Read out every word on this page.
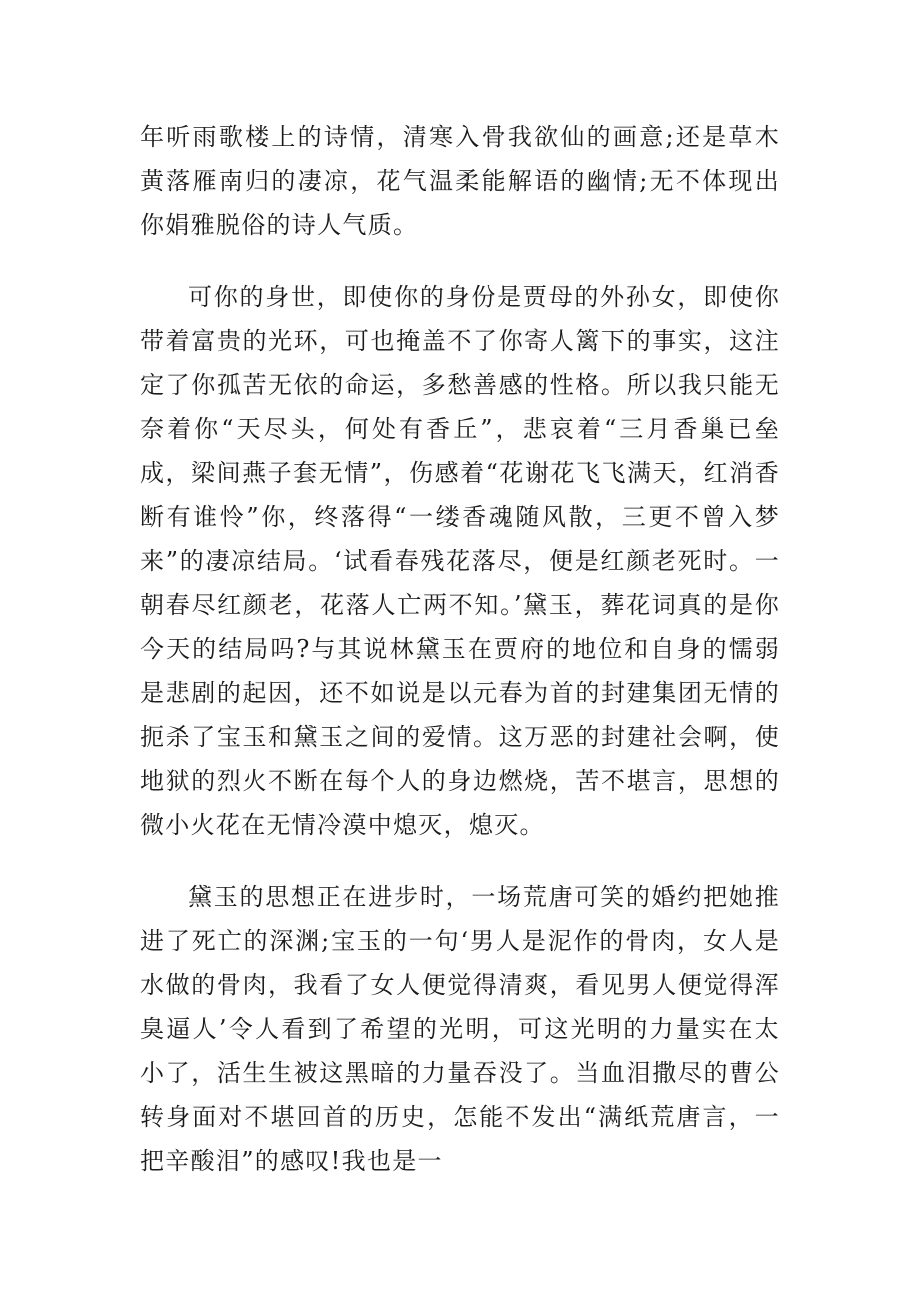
年听雨歌楼上的诗情，清寒入骨我欲仙的画意;还是草木黄落雁南归的凄凉，花气温柔能解语的幽情;无不体现出你娟雅脱俗的诗人气质。

可你的身世，即使你的身份是贾母的外孙女，即使你带着富贵的光环，可也掩盖不了你寄人篱下的事实，这注定了你孤苦无依的命运，多愁善感的性格。所以我只能无奈着你“天尽头，何处有香丘”，悲哀着“三月香巢已垒成，梁间燕子套无情”，伤感着“花谢花飞飞满天，红消香断有谁怜”你，终落得“一缕香魂随风散，三更不曾入梦来”的凄凉结局。‘试看春残花落尽，便是红颜老死时。一朝春尽红颜老，花落人亡两不知。’黛玉，葬花词真的是你今天的结局吗?与其说林黛玉在贾府的地位和自身的懦弱是悲剧的起因，还不如说是以元春为首的封建集团无情的扼杀了宝玉和黛玉之间的爱情。这万恶的封建社会啊，使地狱的烈火不断在每个人的身边燃烧，苦不堪言，思想的微小火花在无情冷漠中熄灭，熄灭。

黛玉的思想正在进步时，一场荒唐可笑的婚约把她推进了死亡的深渊;宝玉的一句‘男人是泥作的骨肉，女人是水做的骨肉，我看了女人便觉得清爽，看见男人便觉得浑臭逼人’令人看到了希望的光明，可这光明的力量实在太小了，活生生被这黑暗的力量吞没了。当血泪撒尽的曹公转身面对不堪回首的历史，怎能不发出“满纸荒唐言，一把辛酸泪”的感叹!我也是一
